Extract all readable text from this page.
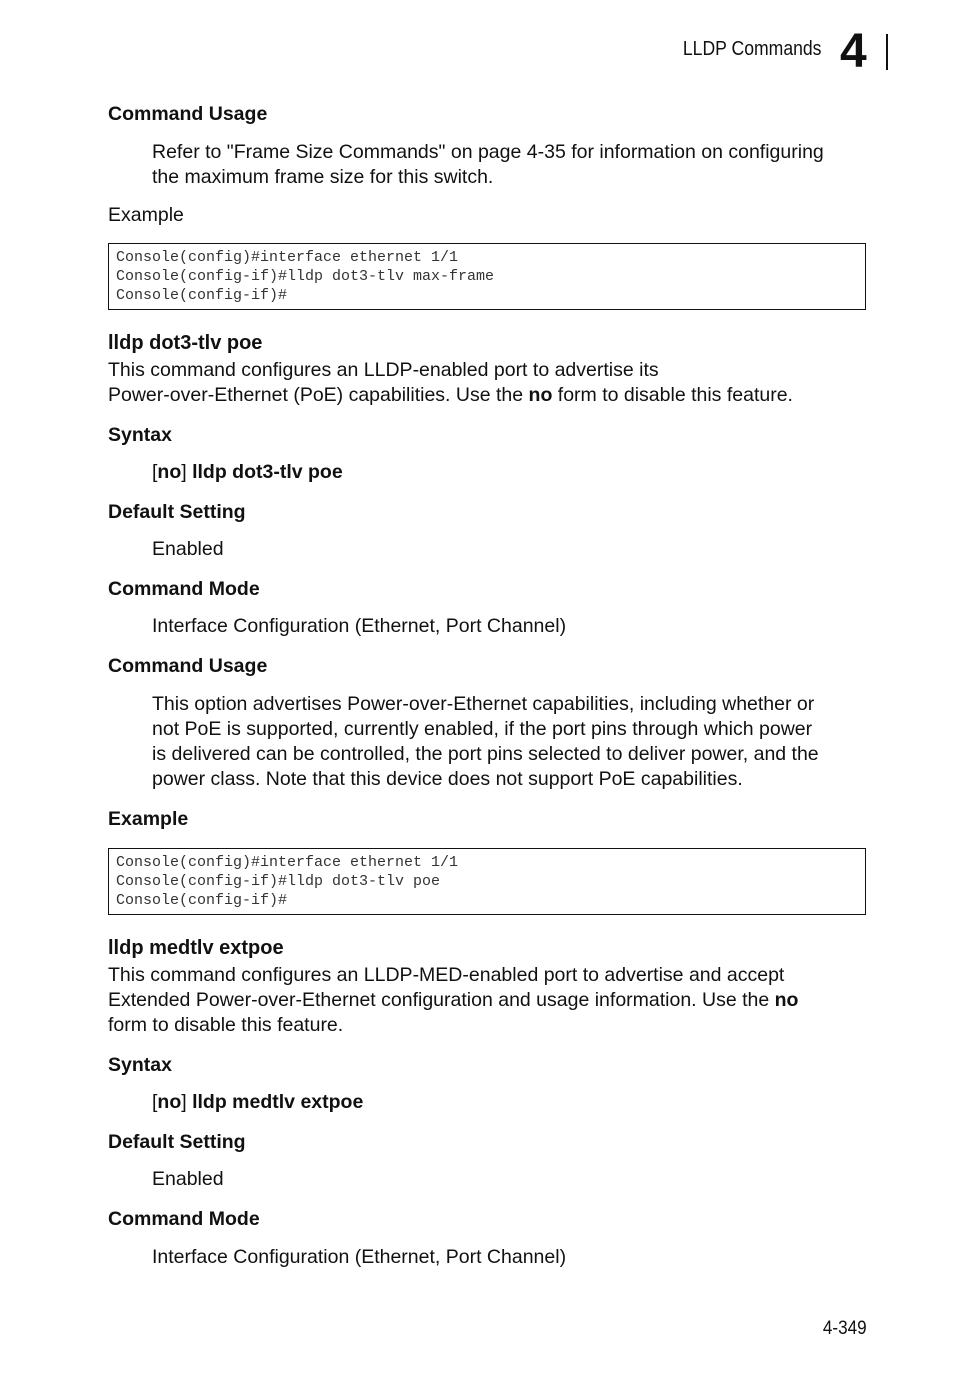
LLDP Commands 4
Command Usage
Refer to "Frame Size Commands" on page 4-35 for information on configuring
the maximum frame size for this switch.
Example
Console(config)#interface ethernet 1/1
Console(config-if)#lldp dot3-tlv max-frame
Console(config-if)#
lldp dot3-tlv poe
This command configures an LLDP-enabled port to advertise its
Power-over-Ethernet (PoE) capabilities. Use the no form to disable this feature.
Syntax
[no] lldp dot3-tlv poe
Default Setting
Enabled
Command Mode
Interface Configuration (Ethernet, Port Channel)
Command Usage
This option advertises Power-over-Ethernet capabilities, including whether or
not PoE is supported, currently enabled, if the port pins through which power
is delivered can be controlled, the port pins selected to deliver power, and the
power class. Note that this device does not support PoE capabilities.
Example
Console(config)#interface ethernet 1/1
Console(config-if)#lldp dot3-tlv poe
Console(config-if)#
lldp medtlv extpoe
This command configures an LLDP-MED-enabled port to advertise and accept
Extended Power-over-Ethernet configuration and usage information. Use the no
form to disable this feature.
Syntax
[no] lldp medtlv extpoe
Default Setting
Enabled
Command Mode
Interface Configuration (Ethernet, Port Channel)
4-349
